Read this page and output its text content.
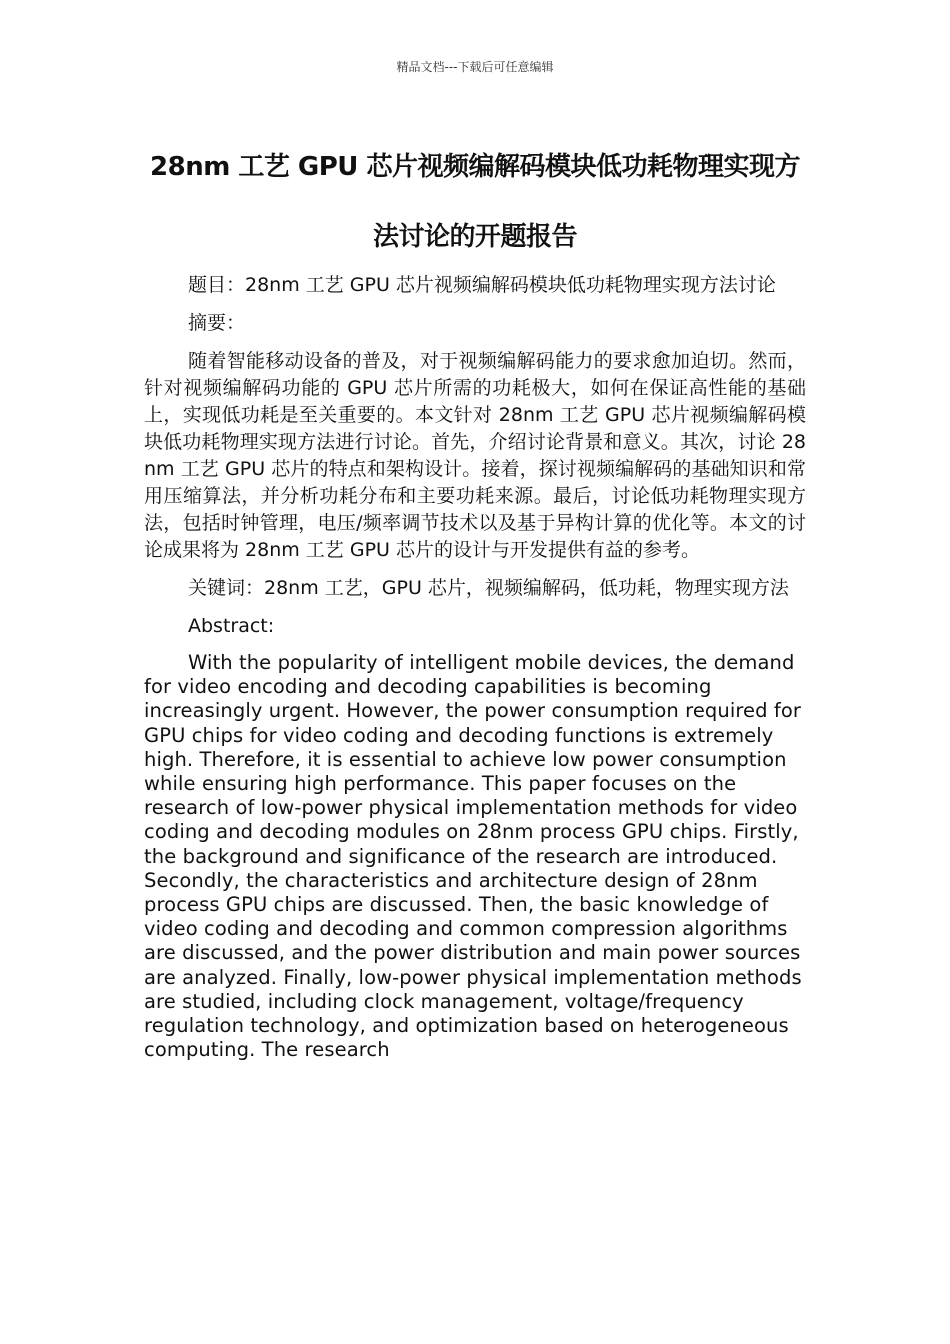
精品文档---下载后可任意编辑
28nm 工艺 GPU 芯片视频编解码模块低功耗物理实现方法讨论的开题报告

题目：28nm 工艺 GPU 芯片视频编解码模块低功耗物理实现方法讨论

摘要：

随着智能移动设备的普及，对于视频编解码能力的要求愈加迫切。然而，针对视频编解码功能的 GPU 芯片所需的功耗极大，如何在保证高性能的基础上，实现低功耗是至关重要的。本文针对 28nm 工艺 GPU 芯片视频编解码模块低功耗物理实现方法进行讨论。首先，介绍讨论背景和意义。其次，讨论 28nm 工艺 GPU 芯片的特点和架构设计。接着，探讨视频编解码的基础知识和常用压缩算法，并分析功耗分布和主要功耗来源。最后，讨论低功耗物理实现方法，包括时钟管理，电压/频率调节技术以及基于异构计算的优化等。本文的讨论成果将为 28nm 工艺 GPU 芯片的设计与开发提供有益的参考。

关键词：28nm 工艺，GPU 芯片，视频编解码，低功耗，物理实现方法

Abstract:

With the popularity of intelligent mobile devices, the demand for video encoding and decoding capabilities is becoming increasingly urgent. However, the power consumption required for GPU chips for video coding and decoding functions is extremely high. Therefore, it is essential to achieve low power consumption while ensuring high performance. This paper focuses on the research of low-power physical implementation methods for video coding and decoding modules on 28nm process GPU chips. Firstly, the background and significance of the research are introduced. Secondly, the characteristics and architecture design of 28nm process GPU chips are discussed. Then, the basic knowledge of video coding and decoding and common compression algorithms are discussed, and the power distribution and main power sources are analyzed. Finally, low-power physical implementation methods are studied, including clock management, voltage/frequency regulation technology, and optimization based on heterogeneous computing. The research
